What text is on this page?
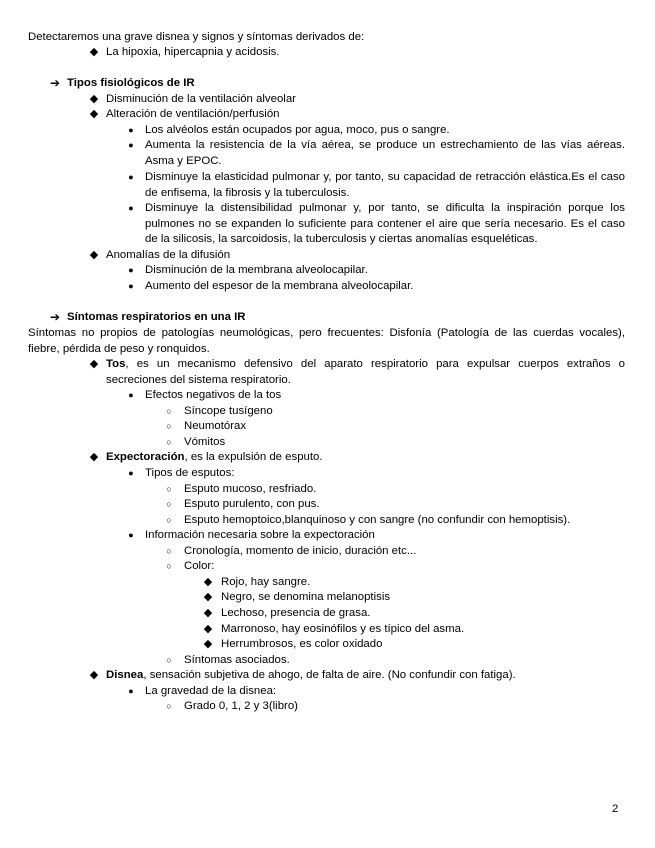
Detectaremos una grave disnea y signos y síntomas derivados de:
◆ La hipoxia, hipercapnia y acidosis.
➔ Tipos fisiológicos de IR
◆ Disminución de la ventilación alveolar
◆ Alteración de ventilación/perfusión
● Los alvéolos están ocupados por agua, moco, pus o sangre.
● Aumenta la resistencia de la vía aérea, se produce un estrechamiento de las vías aéreas. Asma y EPOC.
● Disminuye la elasticidad pulmonar y, por tanto, su capacidad de retracción elástica.Es el caso de enfisema, la fibrosis y la tuberculosis.
● Disminuye la distensibilidad pulmonar y, por tanto, se dificulta la inspiración porque los pulmones no se expanden lo suficiente para contener el aire que sería necesario. Es el caso de la silicosis, la sarcoidosis, la tuberculosis y ciertas anomalías esqueléticas.
◆ Anomalías de la difusión
● Disminución de la membrana alveolocapilar.
● Aumento del espesor de la membrana alveolocapilar.
➔ Síntomas respiratorios en una IR
Síntomas no propios de patologías neumológicas, pero frecuentes: Disfonía (Patología de las cuerdas vocales), fiebre, pérdida de peso y ronquidos.
◆ Tos, es un mecanismo defensivo del aparato respiratorio para expulsar cuerpos extraños o secreciones del sistema respiratorio.
● Efectos negativos de la tos
○	Síncope tusígeno
○	Neumotórax
○	Vómitos
◆ Expectoración, es la expulsión de esputo.
● Tipos de esputos:
○	Esputo mucoso, resfriado.
○	Esputo purulento, con pus.
○	Esputo hemoptoico,blanquinoso y con sangre (no confundir con hemoptisis).
● Información necesaria sobre la expectoración
○	Cronología, momento de inicio, duración etc...
○	Color:
◆ Rojo, hay sangre.
◆ Negro, se denomina melanoptisis
◆ Lechoso, presencia de grasa.
◆ Marronoso, hay eosinófilos y es típico del asma.
◆ Herrumbrosos, es color oxidado
○	Síntomas asociados.
◆ Disnea, sensación subjetiva de ahogo, de falta de aire. (No confundir con fatiga).
● La gravedad de la disnea:
○	Grado 0, 1, 2 y 3(libro)
2
